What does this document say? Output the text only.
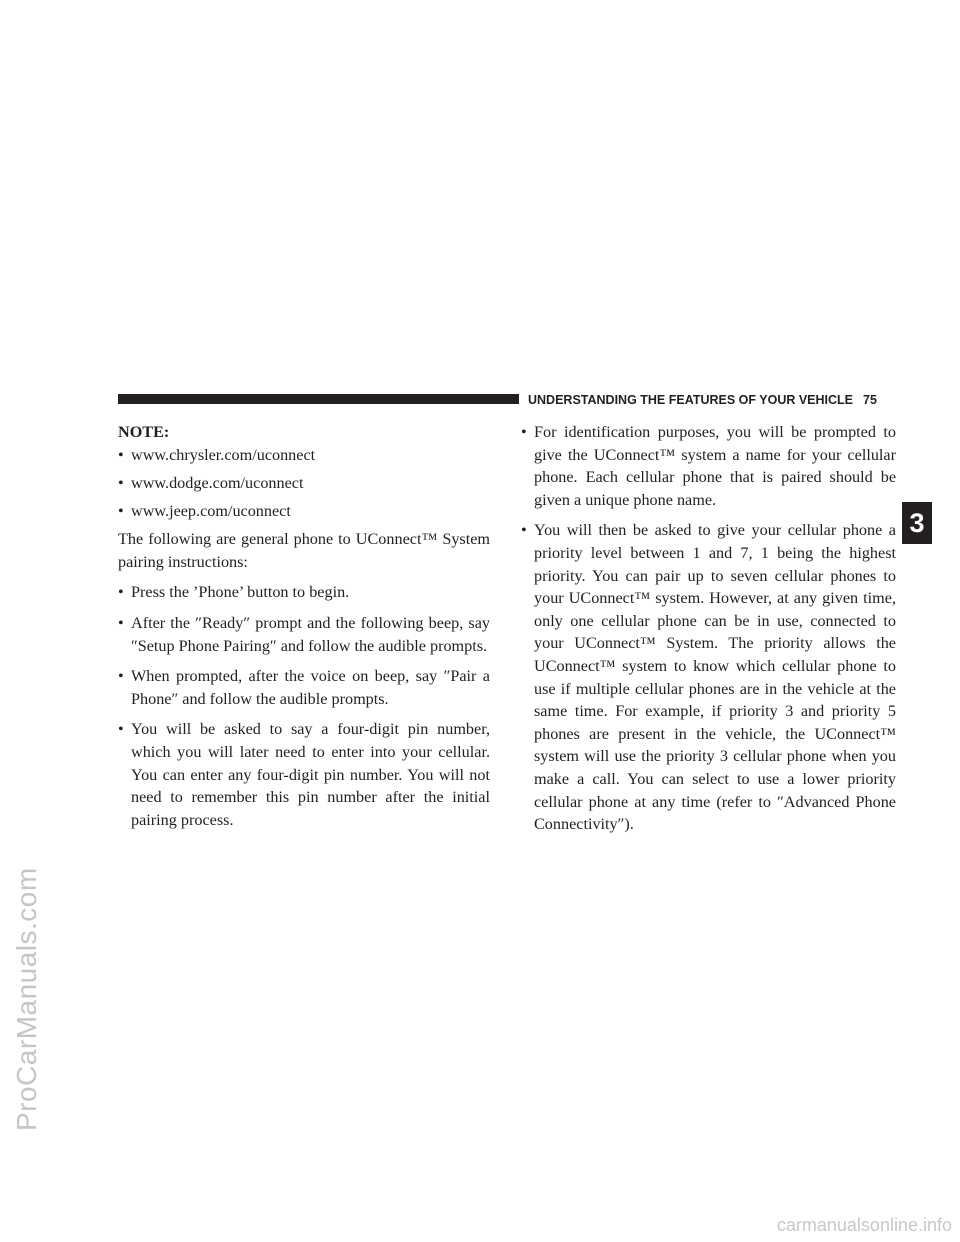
UNDERSTANDING THE FEATURES OF YOUR VEHICLE 75

NOTE:

• www.chrysler.com/uconnect
• www.dodge.com/uconnect
• www.jeep.com/uconnect

The following are general phone to UConnect™ System pairing instructions:

• Press the ’Phone’ button to begin.
• After the ″Ready″ prompt and the following beep, say ″Setup Phone Pairing″ and follow the audible prompts.
• When prompted, after the voice on beep, say ″Pair a Phone″ and follow the audible prompts.
• You will be asked to say a four-digit pin number, which you will later need to enter into your cellular. You can enter any four-digit pin number. You will not need to remember this pin number after the initial pairing process.
• For identification purposes, you will be prompted to give the UConnect™ system a name for your cellular phone. Each cellular phone that is paired should be given a unique phone name.
• You will then be asked to give your cellular phone a priority level between 1 and 7, 1 being the highest priority. You can pair up to seven cellular phones to your UConnect™ system. However, at any given time, only one cellular phone can be in use, connected to your UConnect™ System. The priority allows the UConnect™ system to know which cellular phone to use if multiple cellular phones are in the vehicle at the same time. For example, if priority 3 and priority 5 phones are present in the vehicle, the UConnect™ system will use the priority 3 cellular phone when you make a call. You can select to use a lower priority cellular phone at any time (refer to ″Advanced Phone Connectivity″).
3
ProCarManuals.com
carmanualsonline.info
